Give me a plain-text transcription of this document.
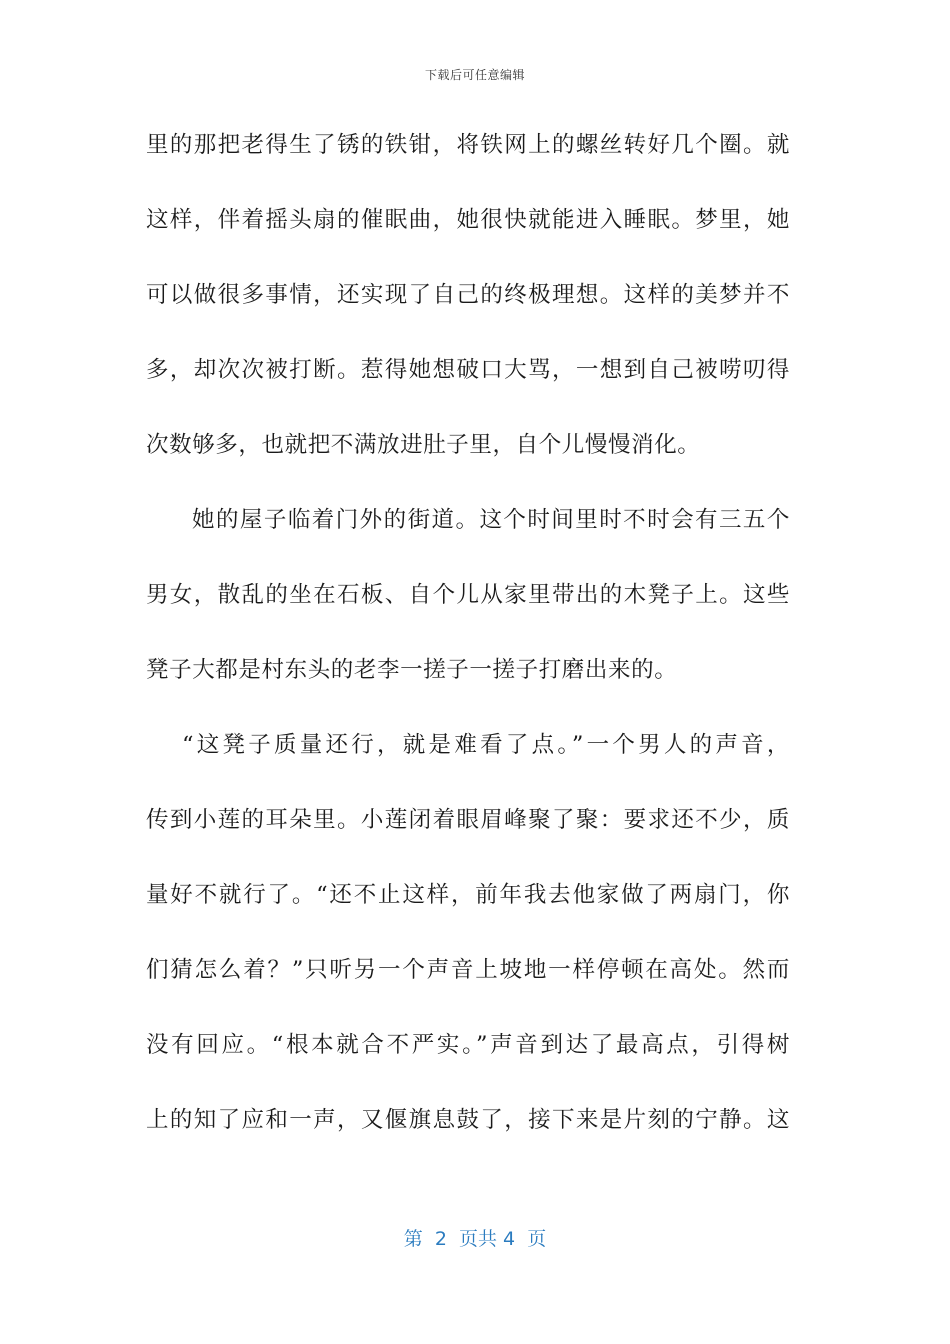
下载后可任意编辑
里的那把老得生了锈的铁钳，将铁网上的螺丝转好几个圈。就
这样，伴着摇头扇的催眠曲，她很快就能进入睡眠。梦里，她
可以做很多事情，还实现了自己的终极理想。这样的美梦并不
多，却次次被打断。惹得她想破口大骂，一想到自己被唠叨得
次数够多，也就把不满放进肚子里，自个儿慢慢消化。
她的屋子临着门外的街道。这个时间里时不时会有三五个
男女，散乱的坐在石板、自个儿从家里带出的木凳子上。这些
凳子大都是村东头的老李一搓子一搓子打磨出来的。
“这凳子质量还行，就是难看了点。”一个男人的声音，
传到小莲的耳朵里。小莲闭着眼眉峰聚了聚：要求还不少，质
量好不就行了。“还不止这样，前年我去他家做了两扇门，你
们猜怎么着？”只听另一个声音上坡地一样停顿在高处。然而
没有回应。“根本就合不严实。”声音到达了最高点，引得树
上的知了应和一声，又偃旗息鼓了，接下来是片刻的宁静。这
第  2  页共 4  页
